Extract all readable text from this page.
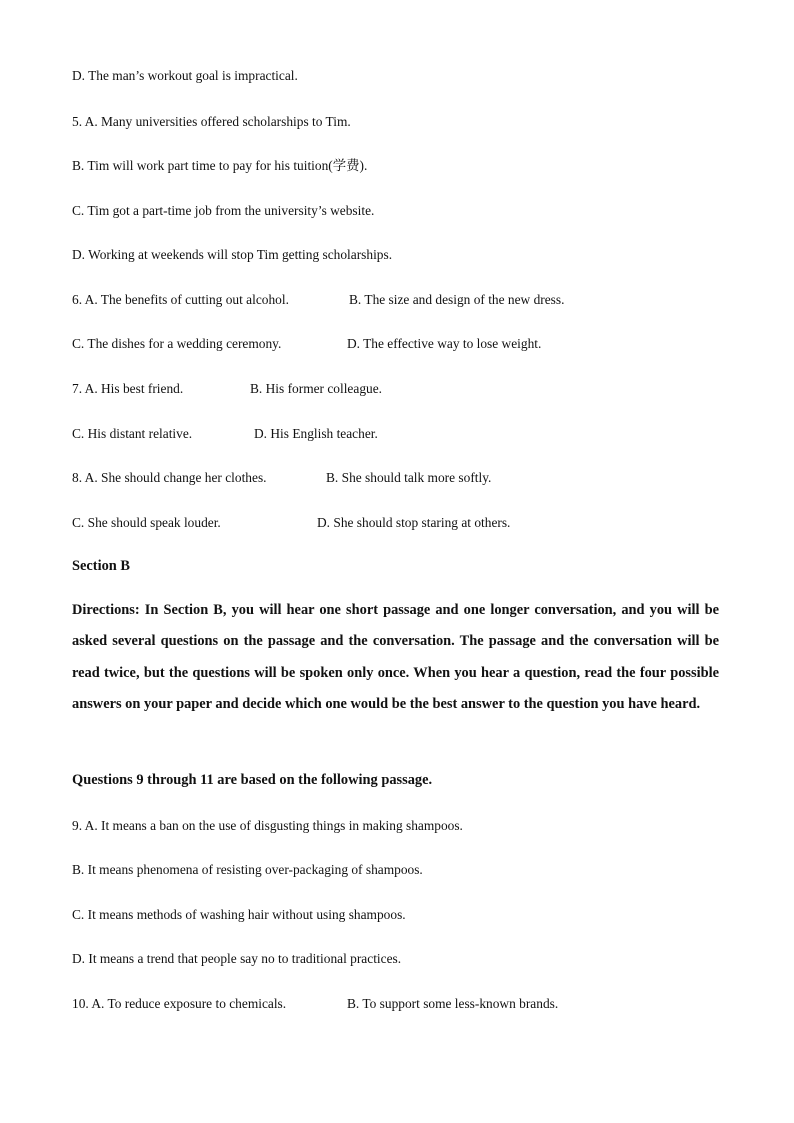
D. The man’s workout goal is impractical.
5. A. Many universities offered scholarships to Tim.
B. Tim will work part time to pay for his tuition(学费).
C. Tim got a part-time job from the university’s website.
D. Working at weekends will stop Tim getting scholarships.
6. A. The benefits of cutting out alcohol.	B. The size and design of the new dress.
C. The dishes for a wedding ceremony.	D. The effective way to lose weight.
7. A. His best friend.	B. His former colleague.
C. His distant relative.	D. His English teacher.
8. A. She should change her clothes.	B. She should talk more softly.
C. She should speak louder.	D. She should stop staring at others.
Section B
Directions: In Section B, you will hear one short passage and one longer conversation, and you will be asked several questions on the passage and the conversation. The passage and the conversation will be read twice, but the questions will be spoken only once. When you hear a question, read the four possible answers on your paper and decide which one would be the best answer to the question you have heard.
Questions 9 through 11 are based on the following passage.
9. A. It means a ban on the use of disgusting things in making shampoos.
B. It means phenomena of resisting over-packaging of shampoos.
C. It means methods of washing hair without using shampoos.
D. It means a trend that people say no to traditional practices.
10. A. To reduce exposure to chemicals.	B. To support some less-known brands.
